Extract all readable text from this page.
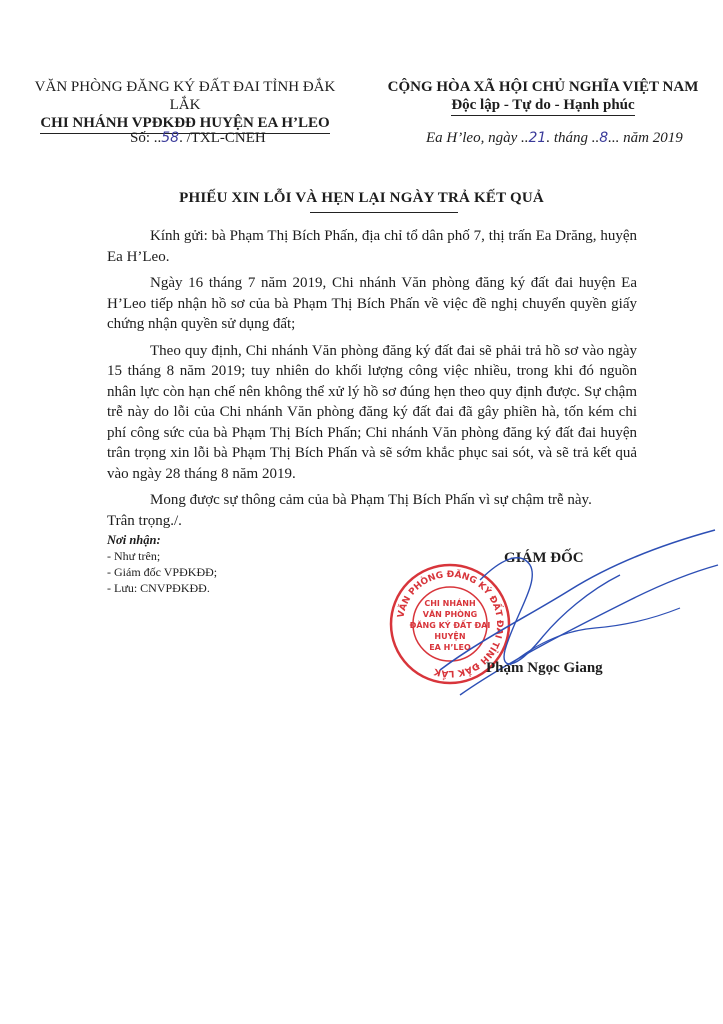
VĂN PHÒNG ĐĂNG KÝ ĐẤT ĐAI TỈNH ĐẮK LẮK
CHI NHÁNH VPĐKĐĐ HUYỆN EA H’LEO
CỘNG HÒA XÃ HỘI CHỦ NGHĨA VIỆT NAM
Độc lập - Tự do - Hạnh phúc
Số: ..58. /TXL-CNEH	Ea H’leo, ngày ..21. tháng ..8... năm 2019
PHIẾU XIN LỖI VÀ HẸN LẠI NGÀY TRẢ KẾT QUẢ

Kính gửi: bà Phạm Thị Bích Phấn, địa chỉ tổ dân phố 7, thị trấn Ea Drăng, huyện Ea H’Leo.

Ngày 16 tháng 7 năm 2019, Chi nhánh Văn phòng đăng ký đất đai huyện Ea H’Leo tiếp nhận hồ sơ của bà Phạm Thị Bích Phấn về việc đề nghị chuyển quyền giấy chứng nhận quyền sử dụng đất;

Theo quy định, Chi nhánh Văn phòng đăng ký đất đai sẽ phải trả hồ sơ vào ngày 15 tháng 8 năm 2019; tuy nhiên do khối lượng công việc nhiều, trong khi đó nguồn nhân lực còn hạn chế nên không thể xử lý hồ sơ đúng hẹn theo quy định được. Sự chậm trễ này do lỗi của Chi nhánh Văn phòng đăng ký đất đai đã gây phiền hà, tốn kém chi phí công sức của bà Phạm Thị Bích Phấn; Chi nhánh Văn phòng đăng ký đất đai huyện trân trọng xin lỗi bà Phạm Thị Bích Phấn và sẽ sớm khắc phục sai sót, và sẽ trả kết quả vào ngày 28 tháng 8 năm 2019.

Mong được sự thông cảm của bà Phạm Thị Bích Phấn vì sự chậm trễ này.

Trân trọng./.
Nơi nhận:
- Như trên;
- Giám đốc VPĐKĐĐ;
- Lưu: CNVPĐKĐĐ.
GIÁM ĐỐC
VĂN PHÒNG ĐĂNG KÝ ĐẤT ĐAI TỈNH ĐẮK LẮK
CHI NHÁNH
VĂN PHÒNG
ĐĂNG KÝ ĐẤT ĐAI
HUYỆN
EA H’LEO
Phạm Ngọc Giang
